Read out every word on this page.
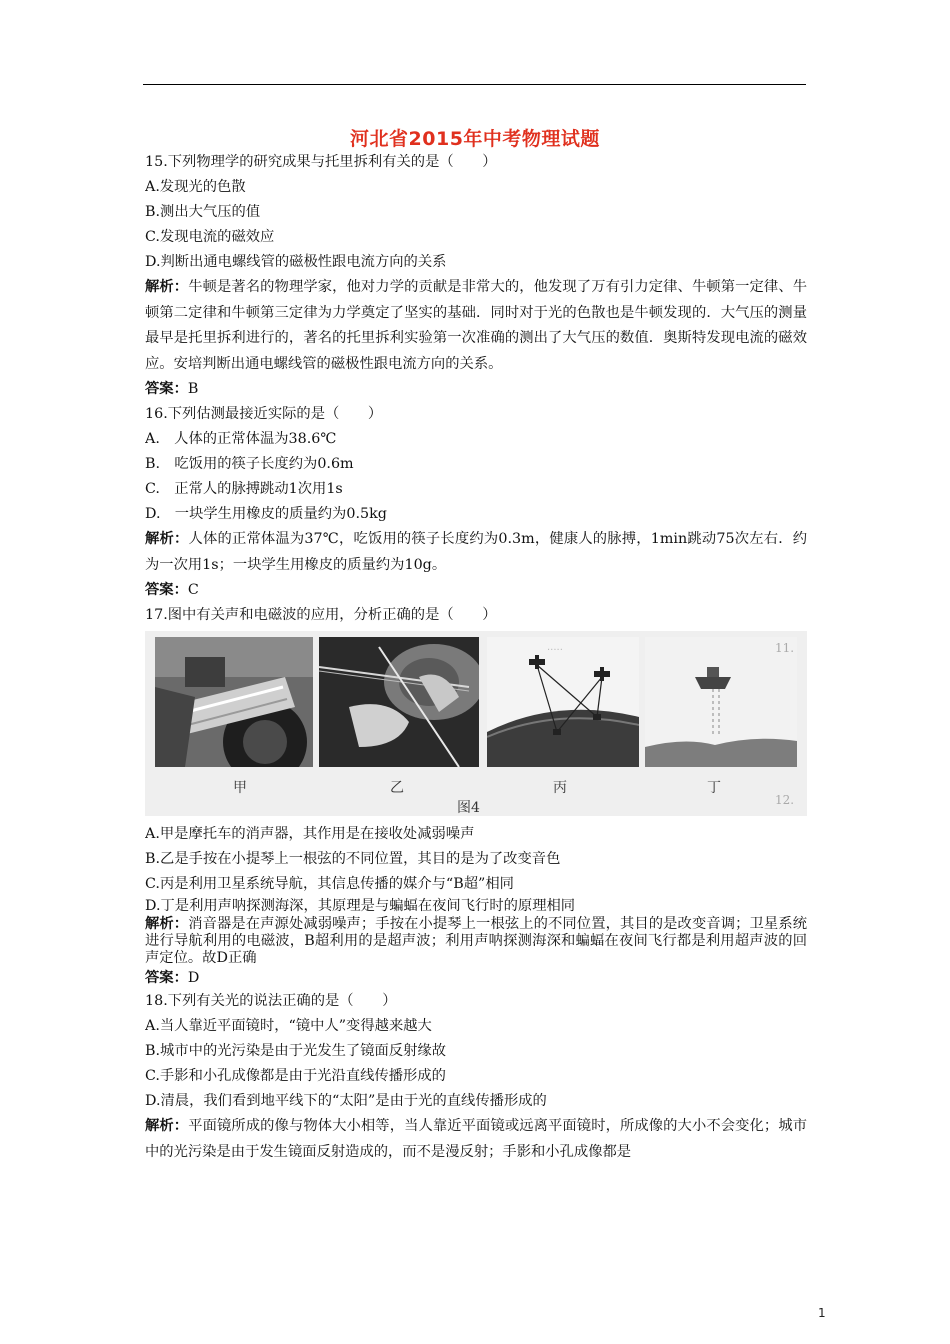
河北省2015年中考物理试题
15.下列物理学的研究成果与托里拆利有关的是（　　）
A.发现光的色散
B.测出大气压的值
C.发现电流的磁效应
D.判断出通电螺线管的磁极性跟电流方向的关系

解析：牛顿是著名的物理学家，他对力学的贡献是非常大的，他发现了万有引力定律、牛顿第一定律、牛顿第二定律和牛顿第三定律为力学奠定了坚实的基础．同时对于光的色散也是牛顿发现的．大气压的测量最早是托里拆利进行的，著名的托里拆利实验第一次准确的测出了大气压的数值．奥斯特发现电流的磁效应。安培判断出通电螺线管的磁极性跟电流方向的关系。

答案：B
16.下列估测最接近实际的是（　　）
A.　人体的正常体温为38.6℃
B.　吃饭用的筷子长度约为0.6m
C.　正常人的脉搏跳动1次用1s
D.　一块学生用橡皮的质量约为0.5kg

解析：人体的正常体温为37℃，吃饭用的筷子长度约为0.3m，健康人的脉搏，1min跳动75次左右．约为一次用1s；一块学生用橡皮的质量约为10g。

答案：C
17.图中有关声和电磁波的应用，分析正确的是（　　）
·····
甲	乙	丙	丁
图4
11.
12.
A.甲是摩托车的消声器，其作用是在接收处减弱噪声
B.乙是手按在小提琴上一根弦的不同位置，其目的是为了改变音色
C.丙是利用卫星系统导航，其信息传播的媒介与“B超”相同
D.丁是利用声呐探测海深，其原理是与蝙蝠在夜间飞行时的原理相同

解析：消音器是在声源处减弱噪声；手按在小提琴上一根弦上的不同位置，其目的是改变音调；卫星系统进行导航利用的电磁波，B超利用的是超声波；利用声呐探测海深和蝙蝠在夜间飞行都是利用超声波的回声定位。故D正确

答案：D
18.下列有关光的说法正确的是（　　）
A.当人靠近平面镜时，“镜中人”变得越来越大
B.城市中的光污染是由于光发生了镜面反射缘故
C.手影和小孔成像都是由于光沿直线传播形成的
D.清晨，我们看到地平线下的“太阳”是由于光的直线传播形成的

解析：平面镜所成的像与物体大小相等，当人靠近平面镜或远离平面镜时，所成像的大小不会变化；城市中的光污染是由于发生镜面反射造成的，而不是漫反射；手影和小孔成像都是

1
